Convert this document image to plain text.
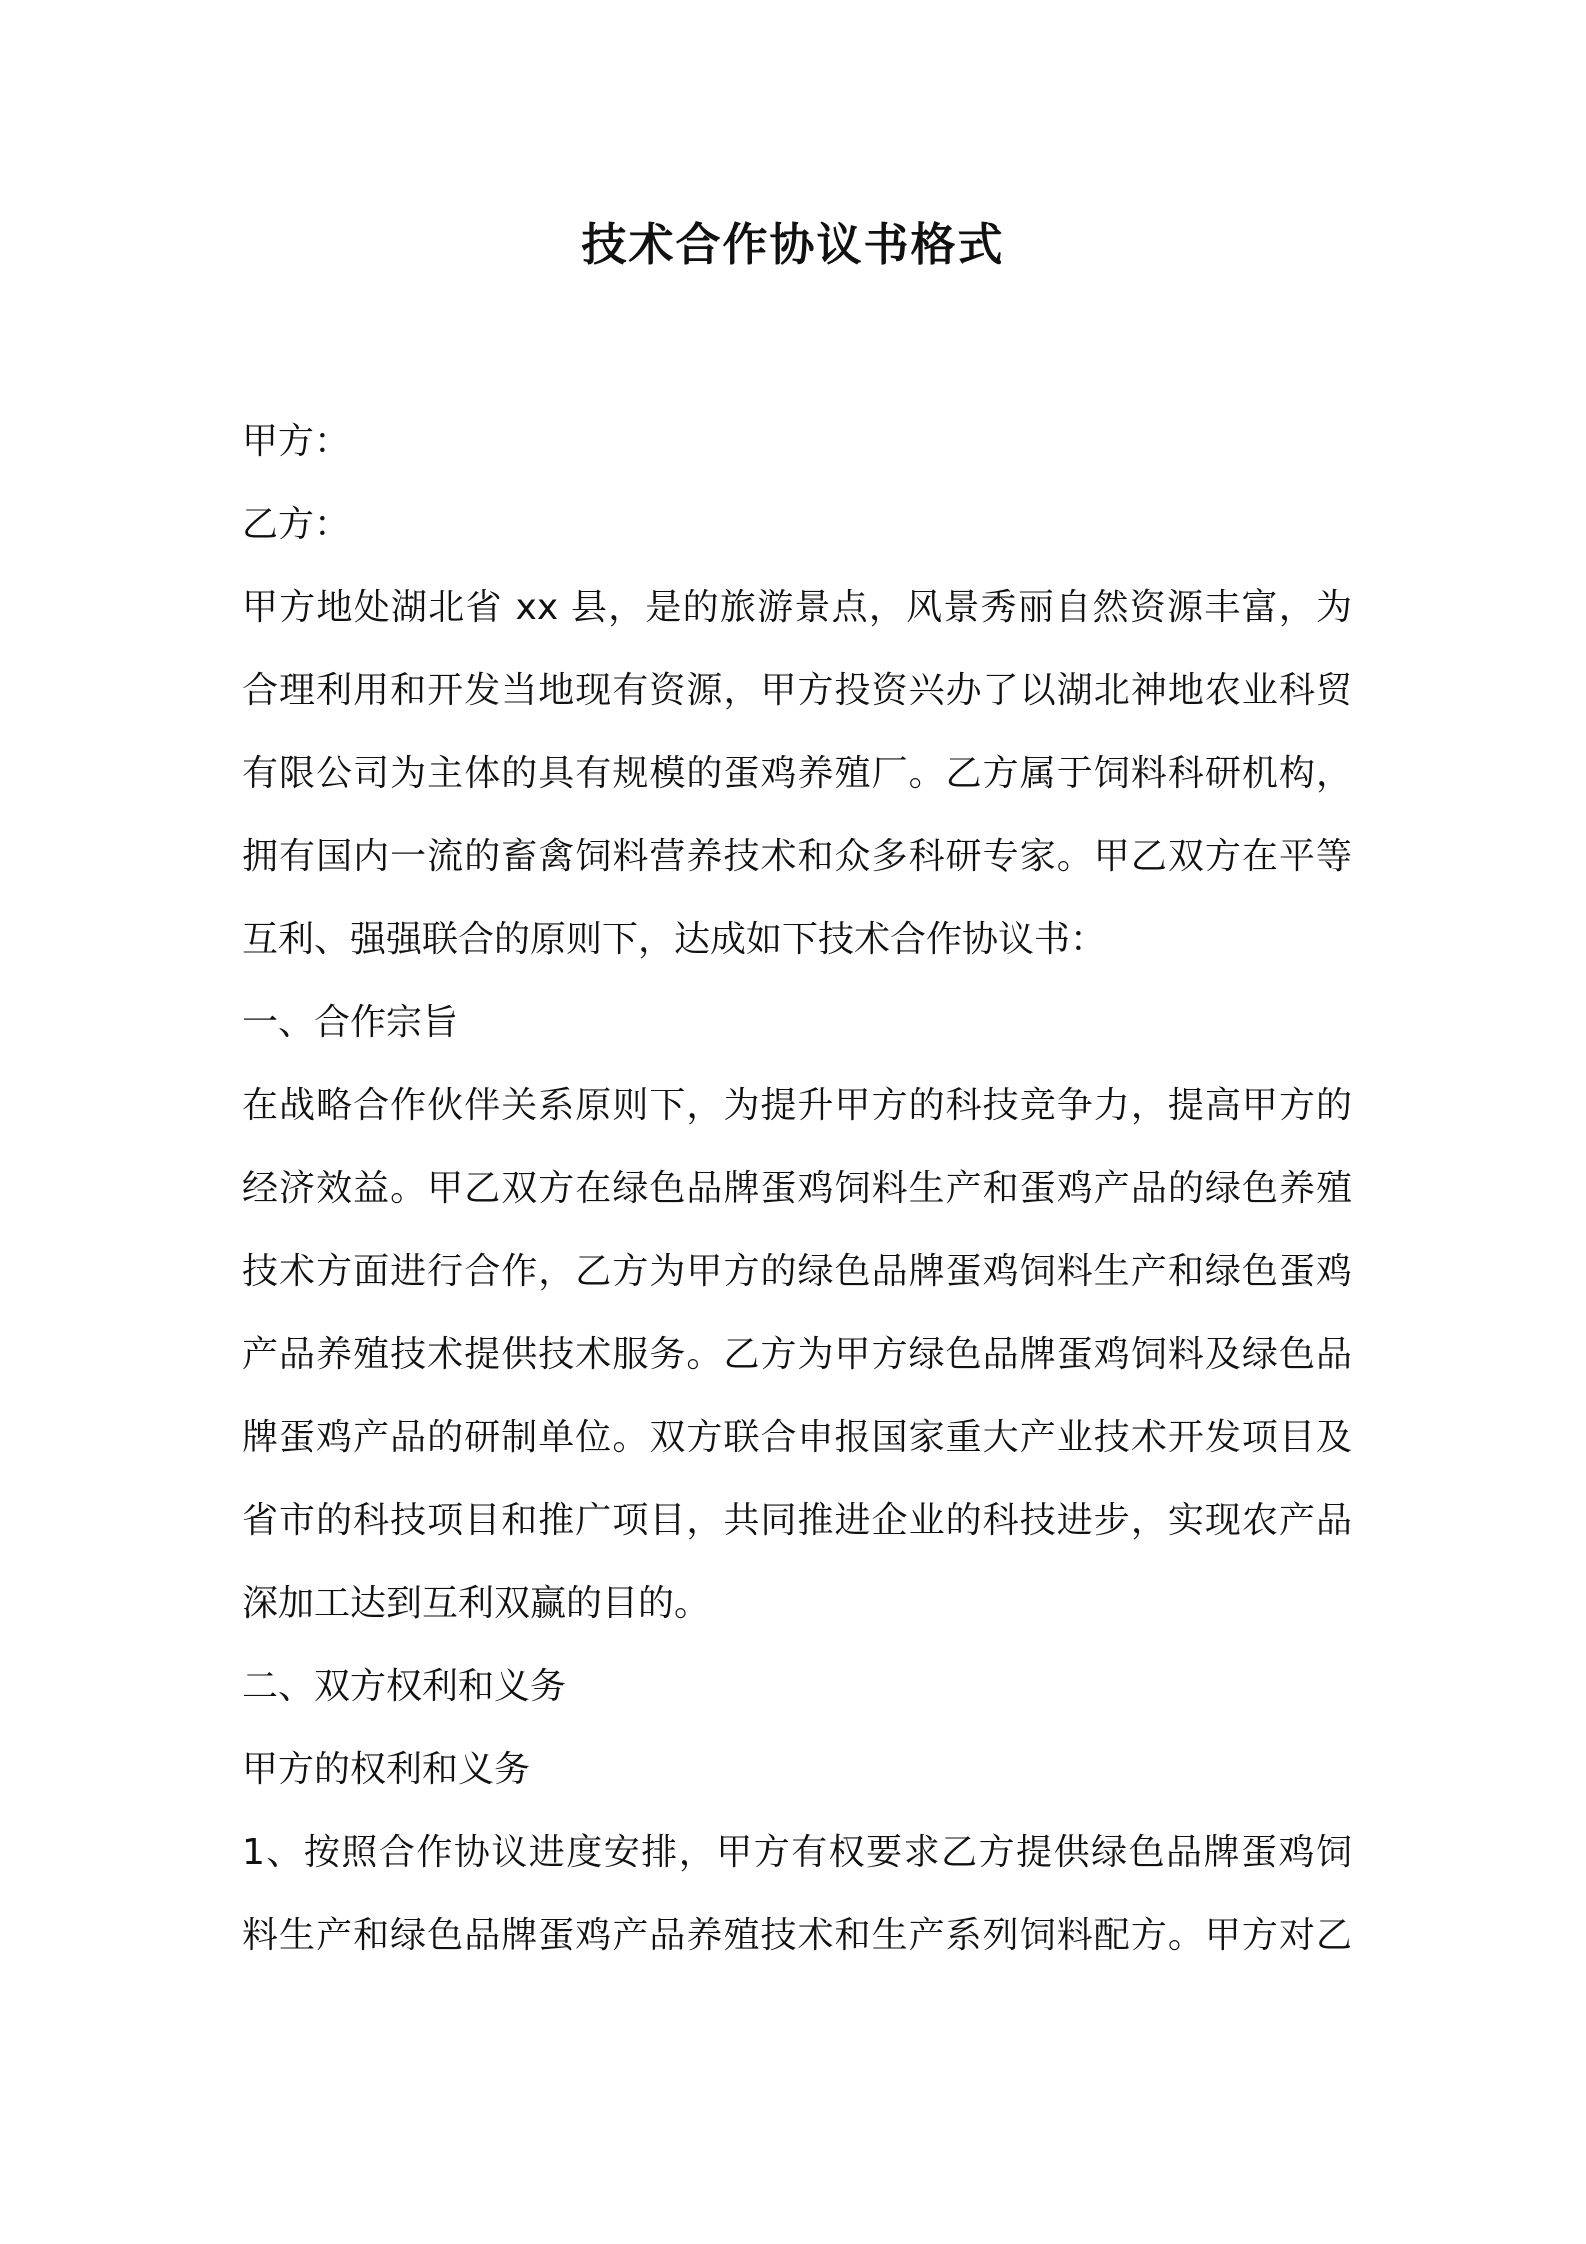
技术合作协议书格式
甲方：
乙方：
甲方地处湖北省 xx 县，是的旅游景点，风景秀丽自然资源丰富，为
合理利用和开发当地现有资源，甲方投资兴办了以湖北神地农业科贸
有限公司为主体的具有规模的蛋鸡养殖厂。乙方属于饲料科研机构，
拥有国内一流的畜禽饲料营养技术和众多科研专家。甲乙双方在平等
互利、强强联合的原则下，达成如下技术合作协议书：
一、合作宗旨
在战略合作伙伴关系原则下，为提升甲方的科技竞争力，提高甲方的
经济效益。甲乙双方在绿色品牌蛋鸡饲料生产和蛋鸡产品的绿色养殖
技术方面进行合作，乙方为甲方的绿色品牌蛋鸡饲料生产和绿色蛋鸡
产品养殖技术提供技术服务。乙方为甲方绿色品牌蛋鸡饲料及绿色品
牌蛋鸡产品的研制单位。双方联合申报国家重大产业技术开发项目及
省市的科技项目和推广项目，共同推进企业的科技进步，实现农产品
深加工达到互利双赢的目的。
二、双方权利和义务
甲方的权利和义务
1、按照合作协议进度安排，甲方有权要求乙方提供绿色品牌蛋鸡饲
料生产和绿色品牌蛋鸡产品养殖技术和生产系列饲料配方。甲方对乙
